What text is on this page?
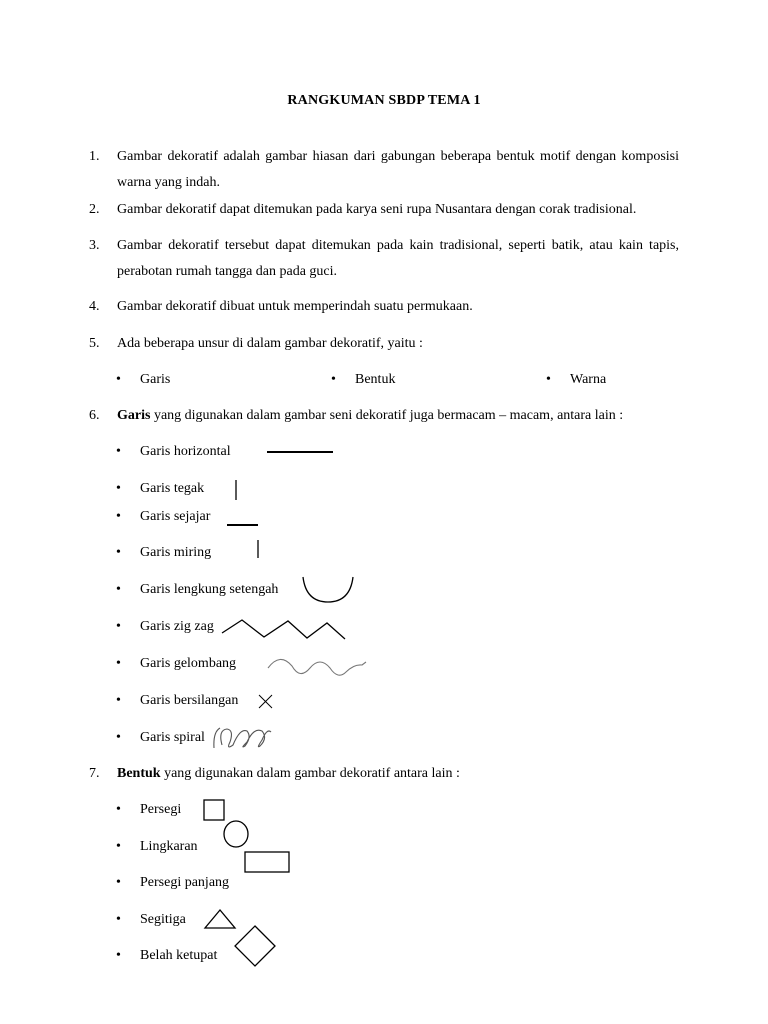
RANGKUMAN SBDP TEMA 1
1.	Gambar dekoratif adalah gambar hiasan dari gabungan beberapa bentuk motif dengan komposisi warna yang indah.
2.	Gambar dekoratif dapat ditemukan pada karya seni rupa Nusantara dengan corak tradisional.
3.	Gambar dekoratif tersebut dapat ditemukan pada kain tradisional, seperti batik, atau kain tapis, perabotan rumah tangga dan pada guci.
4.	Gambar dekoratif dibuat untuk memperindah suatu permukaan.
5.	Ada beberapa unsur di dalam gambar dekoratif, yaitu :
• Garis	• Bentuk	• Warna
6.	Garis yang digunakan dalam gambar seni dekoratif juga bermacam – macam, antara lain :
• Garis horizontal
• Garis tegak
• Garis sejajar
• Garis miring
• Garis lengkung setengah
• Garis zig zag
• Garis gelombang
• Garis bersilangan
• Garis spiral
7.	Bentuk yang digunakan dalam gambar dekoratif antara lain :
• Persegi
• Lingkaran
• Persegi panjang
• Segitiga
• Belah ketupat
